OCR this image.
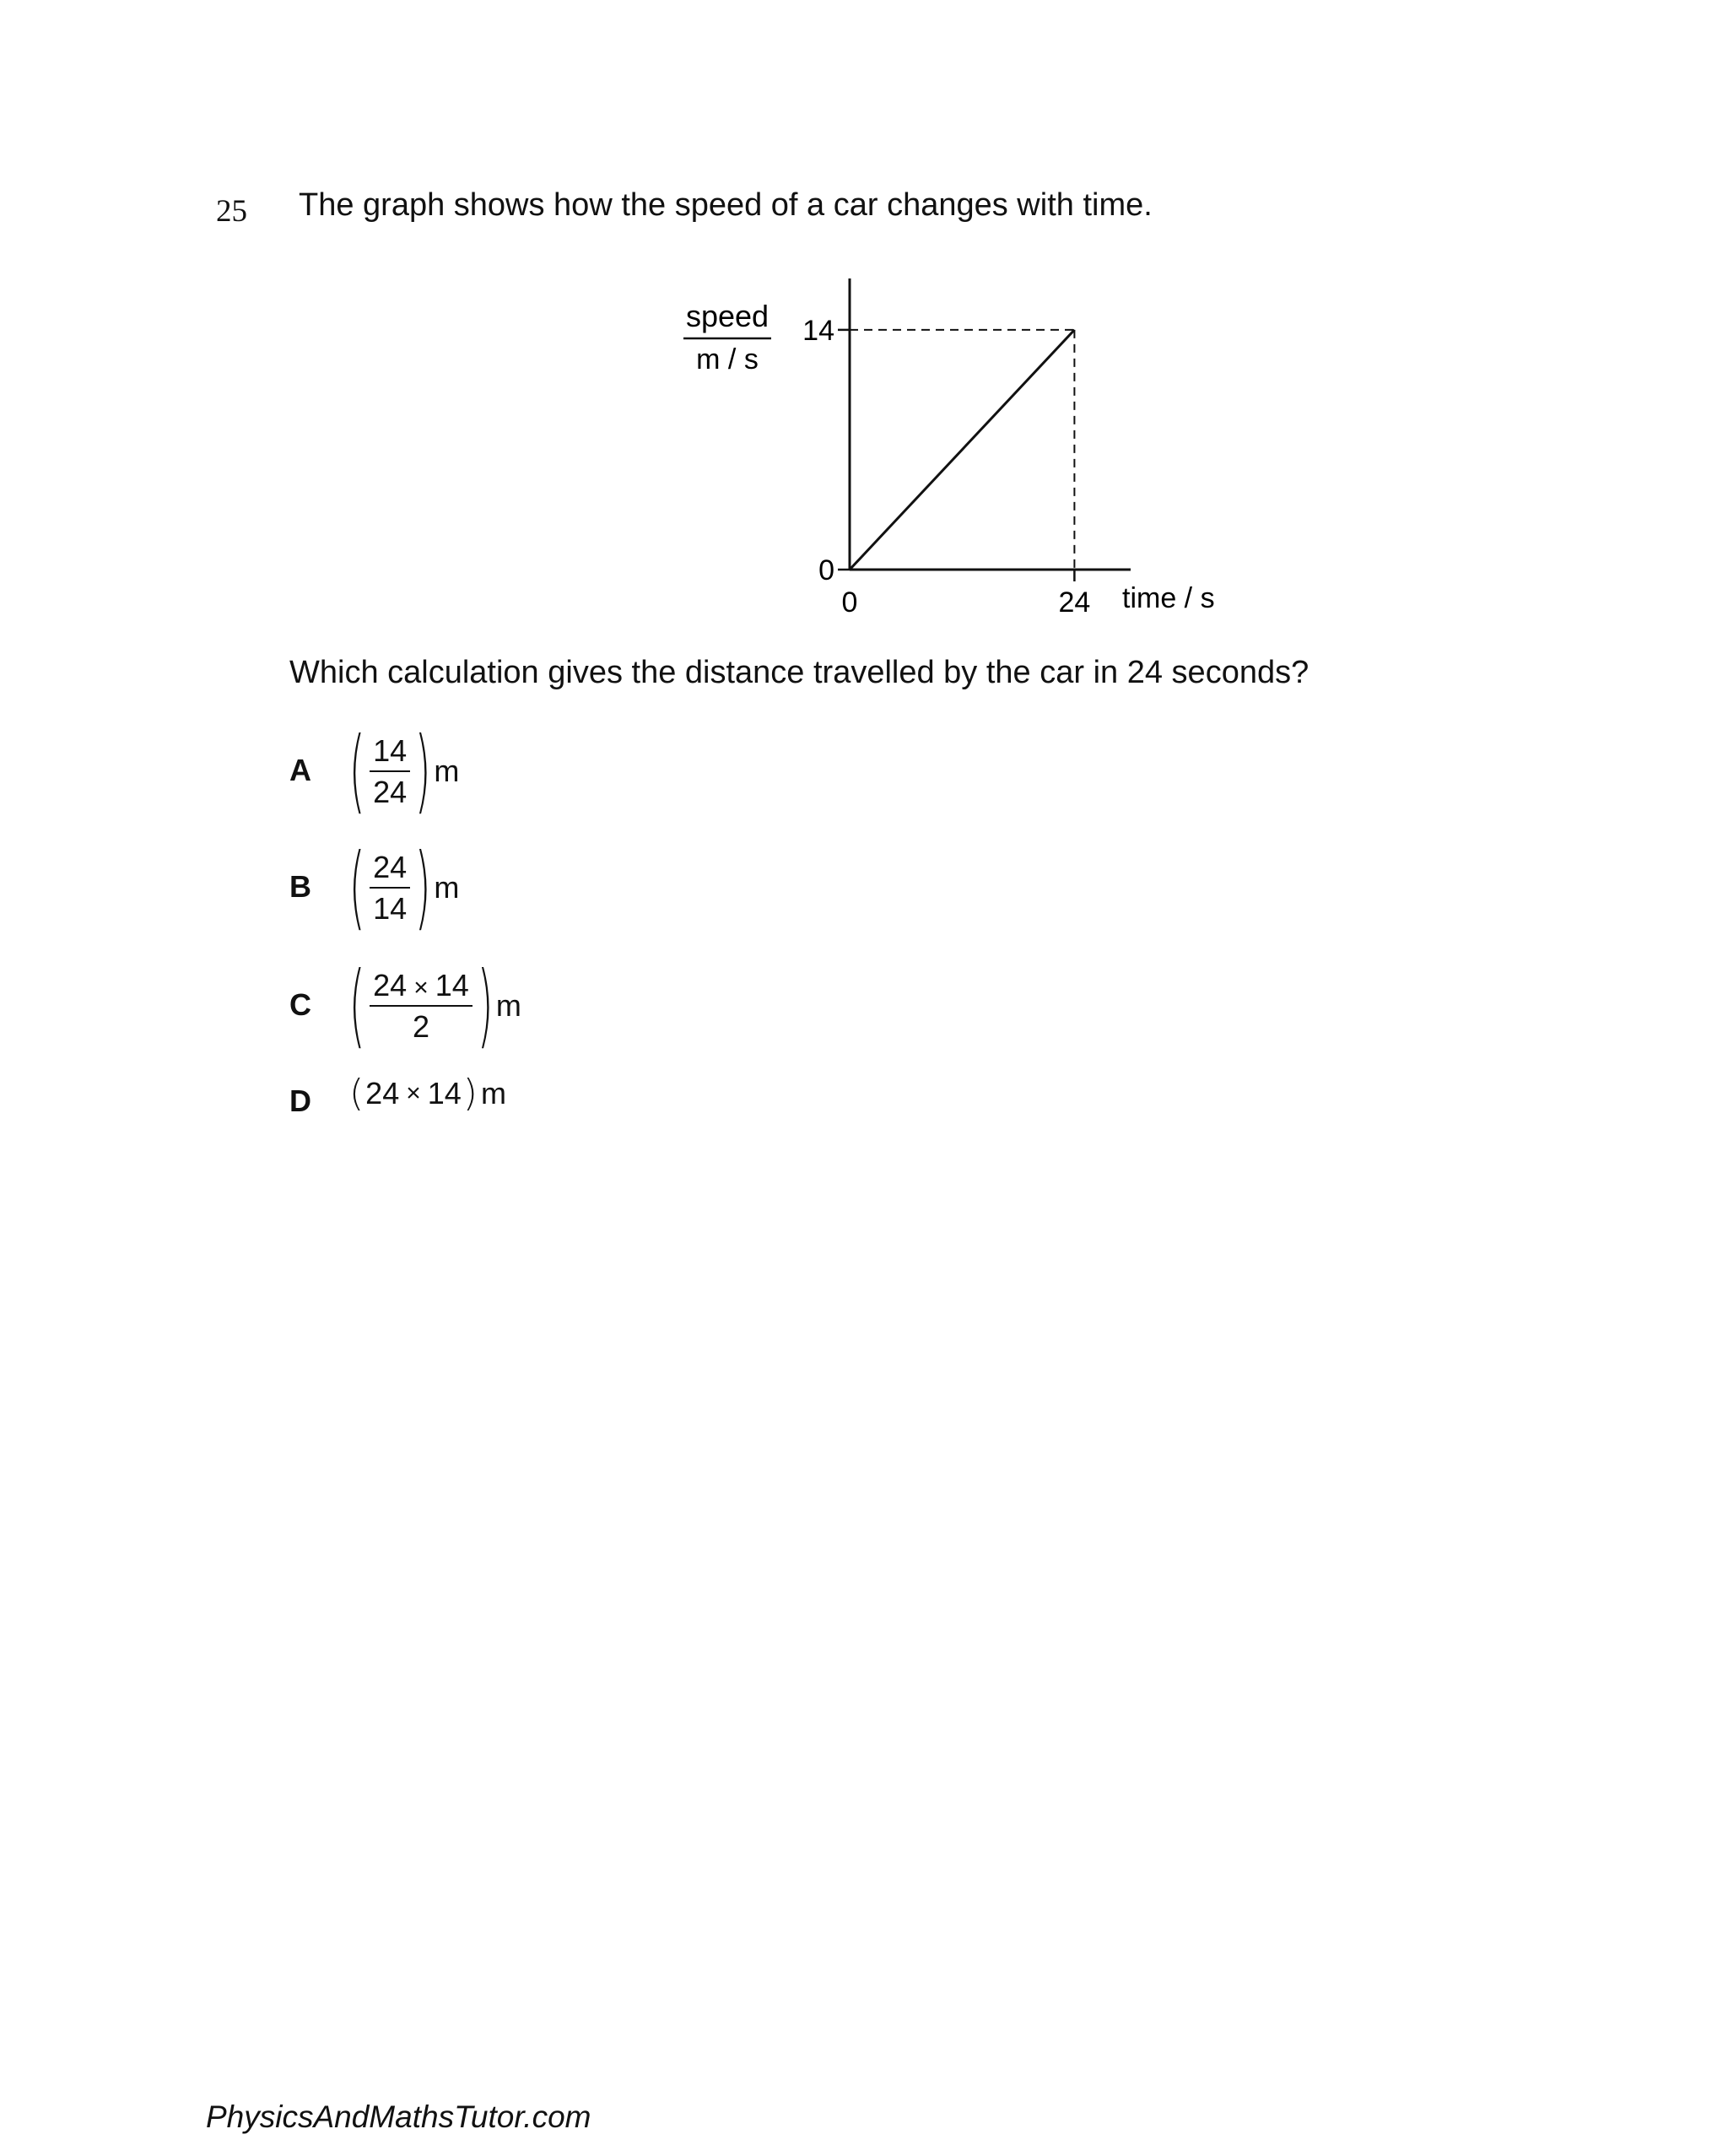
25 The graph shows how the speed of a car changes with time.
speed
m / s
14
0
0	24 time / s
Which calculation gives the distance travelled by the car in 24 seconds?
A ( $\frac{14}{24}$ ) m
B ( $\frac{24}{14}$ ) m
C ( $\frac{24 \times 14}{2}$ ) m
D ( 24 × 14 ) m
PhysicsAndMathsTutor.com
